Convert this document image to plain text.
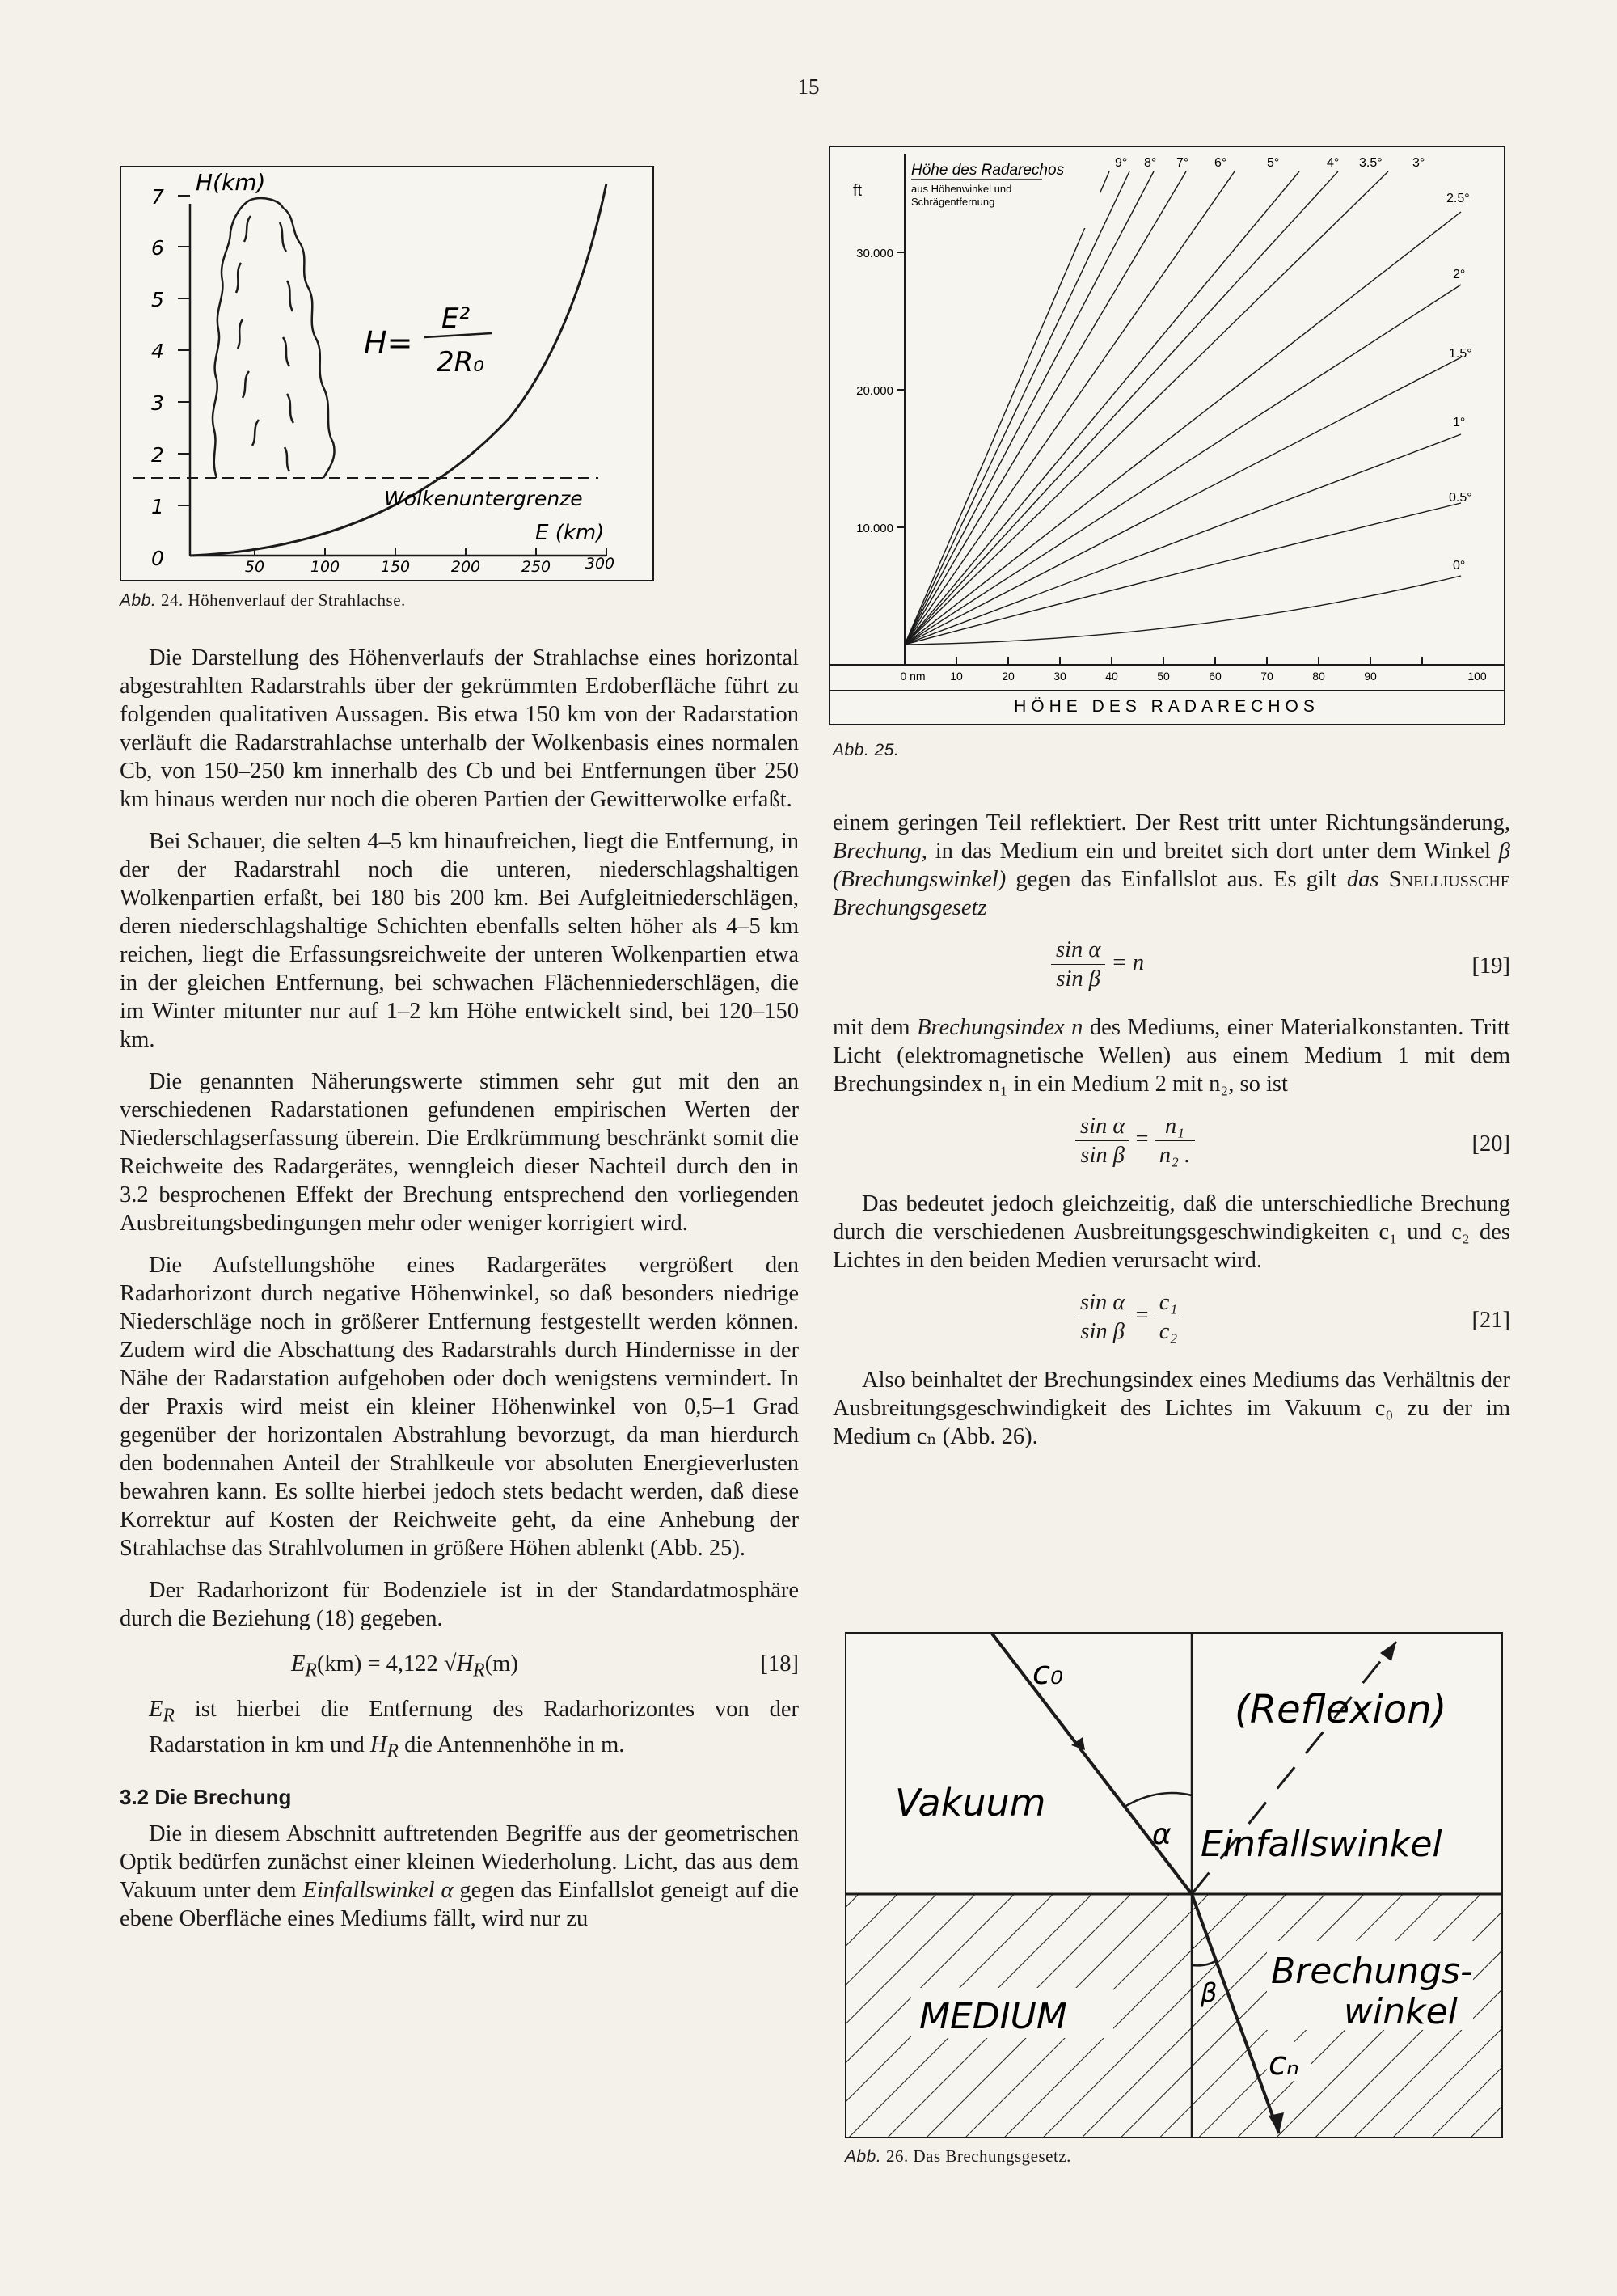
15
H=
E²
2R₀
H(km)
Wolkenuntergrenze
E (km)
7
6
5
4
3
2
1
0	50	100	150	200	250 300
Abb. 24. Höhenverlauf der Strahlachse.
Höhe des Radarechos
aus Höhenwinkel und
Schrägentfernung
ft
30.000
20.000
10.000
0 nm 10	20	30	40	50	60	70	80	90	100
9° 8° 7° 6°	5°	4° 3.5° 3°
2.5°
2°
1.5°
1°
0.5°
0°
HÖHE DES RADARECHOS
Abb. 25.
c₀
(Reflexion)
Vakuum
α Einfallswinkel
β
Brechungs-
winkel
MEDIUM
cₙ
Abb. 26. Das Brechungsgesetz.

Die Darstellung des Höhenverlaufs der Strahlachse eines horizontal abgestrahlten Radarstrahls über der gekrümmten Erdoberfläche führt zu folgenden qualitativen Aussagen. Bis etwa 150 km von der Radarstation verläuft die Radarstrahlachse unterhalb der Wolkenbasis eines normalen Cb, von 150–250 km innerhalb des Cb und bei Entfernungen über 250 km hinaus werden nur noch die oberen Partien der Gewitterwolke erfaßt.

Bei Schauer, die selten 4–5 km hinaufreichen, liegt die Entfernung, in der der Radarstrahl noch die unteren, niederschlagshaltigen Wolkenpartien erfaßt, bei 180 bis 200 km. Bei Aufgleitniederschlägen, deren niederschlagshaltige Schichten ebenfalls selten höher als 4–5 km reichen, liegt die Erfassungsreichweite der unteren Wolkenpartien etwa in der gleichen Entfernung, bei schwachen Flächenniederschlägen, die im Winter mitunter nur auf 1–2 km Höhe entwickelt sind, bei 120–150 km.

Die genannten Näherungswerte stimmen sehr gut mit den an verschiedenen Radarstationen gefundenen empirischen Werten der Niederschlagserfassung überein. Die Erdkrümmung beschränkt somit die Reichweite des Radargerätes, wenngleich dieser Nachteil durch den in 3.2 besprochenen Effekt der Brechung entsprechend den vorliegenden Ausbreitungsbedingungen mehr oder weniger korrigiert wird.

Die Aufstellungshöhe eines Radargerätes vergrößert den Radarhorizont durch negative Höhenwinkel, so daß besonders niedrige Niederschläge noch in größerer Entfernung festgestellt werden können. Zudem wird die Abschattung des Radarstrahls durch Hindernisse in der Nähe der Radarstation aufgehoben oder doch wenigstens vermindert. In der Praxis wird meist ein kleiner Höhenwinkel von 0,5–1 Grad gegenüber der horizontalen Abstrahlung bevorzugt, da man hierdurch den bodennahen Anteil der Strahlkeule vor absoluten Energieverlusten bewahren kann. Es sollte hierbei jedoch stets bedacht werden, daß diese Korrektur auf Kosten der Reichweite geht, da eine Anhebung der Strahlachse das Strahlvolumen in größere Höhen ablenkt (Abb. 25).

Der Radarhorizont für Bodenziele ist in der Standardatmosphäre durch die Beziehung (18) gegeben.

$E_R(km) = 4,122$ $√H_R(m)$	[18]

$E_R$ ist hierbei die Entfernung des Radarhorizontes von der Radarstation in km und $H_R$ die Antennenhöhe in m.

3.2 Die Brechung

Die in diesem Abschnitt auftretenden Begriffe aus der geometrischen Optik bedürfen zunächst einer kleinen Wiederholung. Licht, das aus dem Vakuum unter dem Einfallswinkel α gegen das Einfallslot geneigt auf die ebene Oberfläche eines Mediums fällt, wird nur zu

einem geringen Teil reflektiert. Der Rest tritt unter Richtungsänderung, Brechung, in das Medium ein und breitet sich dort unter dem Winkel β (Brechungswinkel) gegen das Einfallslot aus. Es gilt das Snelliussche Brechungsgesetz

$\frac{\text{sin α}}{\text{sin β}} = n$	[19]

mit dem Brechungsindex n des Mediums, einer Materialkonstanten. Tritt Licht (elektromagnetische Wellen) aus einem Medium 1 mit dem Brechungsindex n₁ in ein Medium 2 mit n₂, so ist

$\frac{\text{sin α}}{\text{sin β}} = \frac{\text{n₁}}{\text{n₂ .}}$	[20]

Das bedeutet jedoch gleichzeitig, daß die unterschiedliche Brechung durch die verschiedenen Ausbreitungsgeschwindigkeiten c₁ und c₂ des Lichtes in den beiden Medien verursacht wird.

$\frac{\text{sin α}}{\text{sin β}} = \frac{\text{c₁}}{\text{c₂}}$	[21]

Also beinhaltet der Brechungsindex eines Mediums das Verhältnis der Ausbreitungsgeschwindigkeit des Lichtes im Vakuum c₀ zu der im Medium cₙ (Abb. 26).
